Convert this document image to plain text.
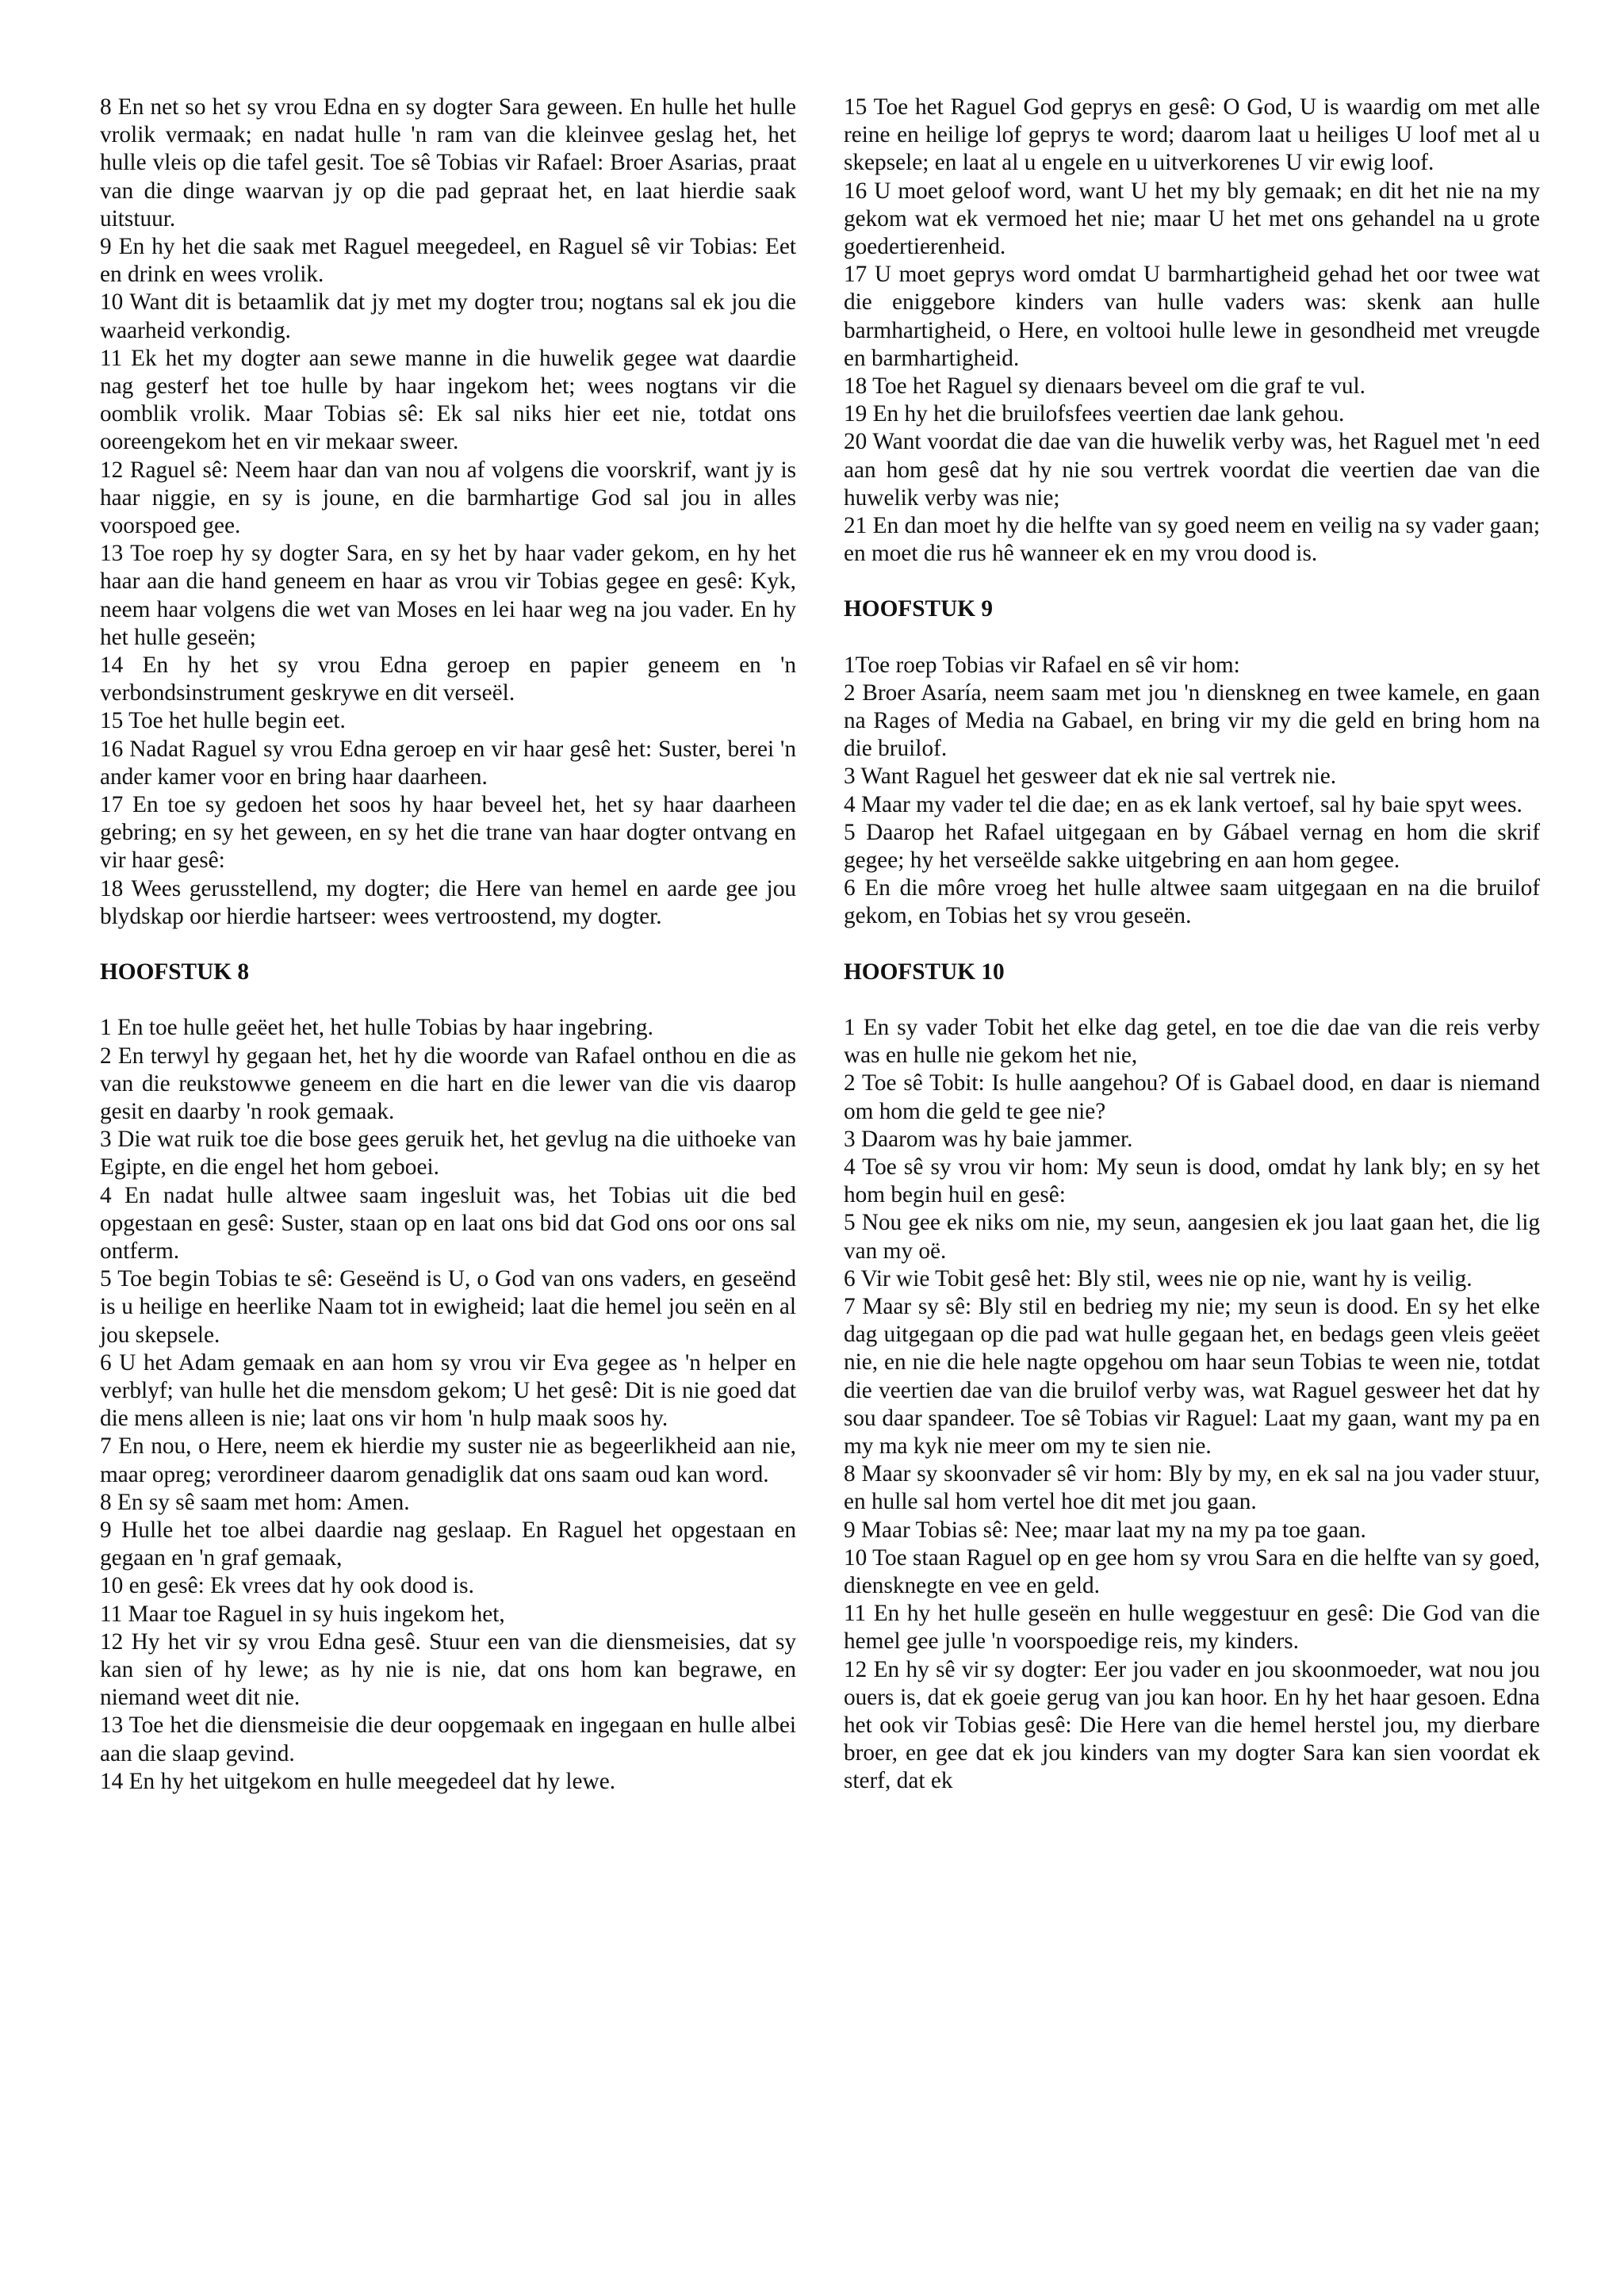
8 En net so het sy vrou Edna en sy dogter Sara geween. En hulle het hulle vrolik vermaak; en nadat hulle 'n ram van die kleinvee geslag het, het hulle vleis op die tafel gesit. Toe sê Tobias vir Rafael: Broer Asarias, praat van die dinge waarvan jy op die pad gepraat het, en laat hierdie saak uitstuur.

9 En hy het die saak met Raguel meegedeel, en Raguel sê vir Tobias: Eet en drink en wees vrolik.

10 Want dit is betaamlik dat jy met my dogter trou; nogtans sal ek jou die waarheid verkondig.

11 Ek het my dogter aan sewe manne in die huwelik gegee wat daardie nag gesterf het toe hulle by haar ingekom het; wees nogtans vir die oomblik vrolik. Maar Tobias sê: Ek sal niks hier eet nie, totdat ons ooreengekom het en vir mekaar sweer.

12 Raguel sê: Neem haar dan van nou af volgens die voorskrif, want jy is haar niggie, en sy is joune, en die barmhartige God sal jou in alles voorspoed gee.

13 Toe roep hy sy dogter Sara, en sy het by haar vader gekom, en hy het haar aan die hand geneem en haar as vrou vir Tobias gegee en gesê: Kyk, neem haar volgens die wet van Moses en lei haar weg na jou vader. En hy het hulle geseën;

14 En hy het sy vrou Edna geroep en papier geneem en 'n verbondsinstrument geskrywe en dit verseël.

15 Toe het hulle begin eet.

16 Nadat Raguel sy vrou Edna geroep en vir haar gesê het: Suster, berei 'n ander kamer voor en bring haar daarheen.

17 En toe sy gedoen het soos hy haar beveel het, het sy haar daarheen gebring; en sy het geween, en sy het die trane van haar dogter ontvang en vir haar gesê:

18 Wees gerusstellend, my dogter; die Here van hemel en aarde gee jou blydskap oor hierdie hartseer: wees vertroostend, my dogter.

HOOFSTUK 8

1 En toe hulle geëet het, het hulle Tobias by haar ingebring.

2 En terwyl hy gegaan het, het hy die woorde van Rafael onthou en die as van die reukstowwe geneem en die hart en die lewer van die vis daarop gesit en daarby 'n rook gemaak.

3 Die wat ruik toe die bose gees geruik het, het gevlug na die uithoeke van Egipte, en die engel het hom geboei.

4 En nadat hulle altwee saam ingesluit was, het Tobias uit die bed opgestaan en gesê: Suster, staan op en laat ons bid dat God ons oor ons sal ontferm.

5 Toe begin Tobias te sê: Geseënd is U, o God van ons vaders, en geseënd is u heilige en heerlike Naam tot in ewigheid; laat die hemel jou seën en al jou skepsele.

6 U het Adam gemaak en aan hom sy vrou vir Eva gegee as 'n helper en verblyf; van hulle het die mensdom gekom; U het gesê: Dit is nie goed dat die mens alleen is nie; laat ons vir hom 'n hulp maak soos hy.

7 En nou, o Here, neem ek hierdie my suster nie as begeerlikheid aan nie, maar opreg; verordineer daarom genadiglik dat ons saam oud kan word.

8 En sy sê saam met hom: Amen.

9 Hulle het toe albei daardie nag geslaap. En Raguel het opgestaan en gegaan en 'n graf gemaak,

10 en gesê: Ek vrees dat hy ook dood is.

11 Maar toe Raguel in sy huis ingekom het,

12 Hy het vir sy vrou Edna gesê. Stuur een van die diensmeisies, dat sy kan sien of hy lewe; as hy nie is nie, dat ons hom kan begrawe, en niemand weet dit nie.

13 Toe het die diensmeisie die deur oopgemaak en ingegaan en hulle albei aan die slaap gevind.

14 En hy het uitgekom en hulle meegedeel dat hy lewe.

15 Toe het Raguel God geprys en gesê: O God, U is waardig om met alle reine en heilige lof geprys te word; daarom laat u heiliges U loof met al u skepsele; en laat al u engele en u uitverkorenes U vir ewig loof.

16 U moet geloof word, want U het my bly gemaak; en dit het nie na my gekom wat ek vermoed het nie; maar U het met ons gehandel na u grote goedertierenheid.

17 U moet geprys word omdat U barmhartigheid gehad het oor twee wat die eniggebore kinders van hulle vaders was: skenk aan hulle barmhartigheid, o Here, en voltooi hulle lewe in gesondheid met vreugde en barmhartigheid.

18 Toe het Raguel sy dienaars beveel om die graf te vul.

19 En hy het die bruilofsfees veertien dae lank gehou.

20 Want voordat die dae van die huwelik verby was, het Raguel met 'n eed aan hom gesê dat hy nie sou vertrek voordat die veertien dae van die huwelik verby was nie;

21 En dan moet hy die helfte van sy goed neem en veilig na sy vader gaan; en moet die rus hê wanneer ek en my vrou dood is.

HOOFSTUK 9

1Toe roep Tobias vir Rafael en sê vir hom:

2 Broer Asaría, neem saam met jou 'n dienskneg en twee kamele, en gaan na Rages of Media na Gabael, en bring vir my die geld en bring hom na die bruilof.

3 Want Raguel het gesweer dat ek nie sal vertrek nie.

4 Maar my vader tel die dae; en as ek lank vertoef, sal hy baie spyt wees.

5 Daarop het Rafael uitgegaan en by Gábael vernag en hom die skrif gegee; hy het verseëlde sakke uitgebring en aan hom gegee.

6 En die môre vroeg het hulle altwee saam uitgegaan en na die bruilof gekom, en Tobias het sy vrou geseën.

HOOFSTUK 10

1 En sy vader Tobit het elke dag getel, en toe die dae van die reis verby was en hulle nie gekom het nie,

2 Toe sê Tobit: Is hulle aangehou? Of is Gabael dood, en daar is niemand om hom die geld te gee nie?

3 Daarom was hy baie jammer.

4 Toe sê sy vrou vir hom: My seun is dood, omdat hy lank bly; en sy het hom begin huil en gesê:

5 Nou gee ek niks om nie, my seun, aangesien ek jou laat gaan het, die lig van my oë.

6 Vir wie Tobit gesê het: Bly stil, wees nie op nie, want hy is veilig.

7 Maar sy sê: Bly stil en bedrieg my nie; my seun is dood. En sy het elke dag uitgegaan op die pad wat hulle gegaan het, en bedags geen vleis geëet nie, en nie die hele nagte opgehou om haar seun Tobias te ween nie, totdat die veertien dae van die bruilof verby was, wat Raguel gesweer het dat hy sou daar spandeer. Toe sê Tobias vir Raguel: Laat my gaan, want my pa en my ma kyk nie meer om my te sien nie.

8 Maar sy skoonvader sê vir hom: Bly by my, en ek sal na jou vader stuur, en hulle sal hom vertel hoe dit met jou gaan.

9 Maar Tobias sê: Nee; maar laat my na my pa toe gaan.

10 Toe staan Raguel op en gee hom sy vrou Sara en die helfte van sy goed, diensknegte en vee en geld.

11 En hy het hulle geseën en hulle weggestuur en gesê: Die God van die hemel gee julle 'n voorspoedige reis, my kinders.

12 En hy sê vir sy dogter: Eer jou vader en jou skoonmoeder, wat nou jou ouers is, dat ek goeie gerug van jou kan hoor. En hy het haar gesoen. Edna het ook vir Tobias gesê: Die Here van die hemel herstel jou, my dierbare broer, en gee dat ek jou kinders van my dogter Sara kan sien voordat ek sterf, dat ek
